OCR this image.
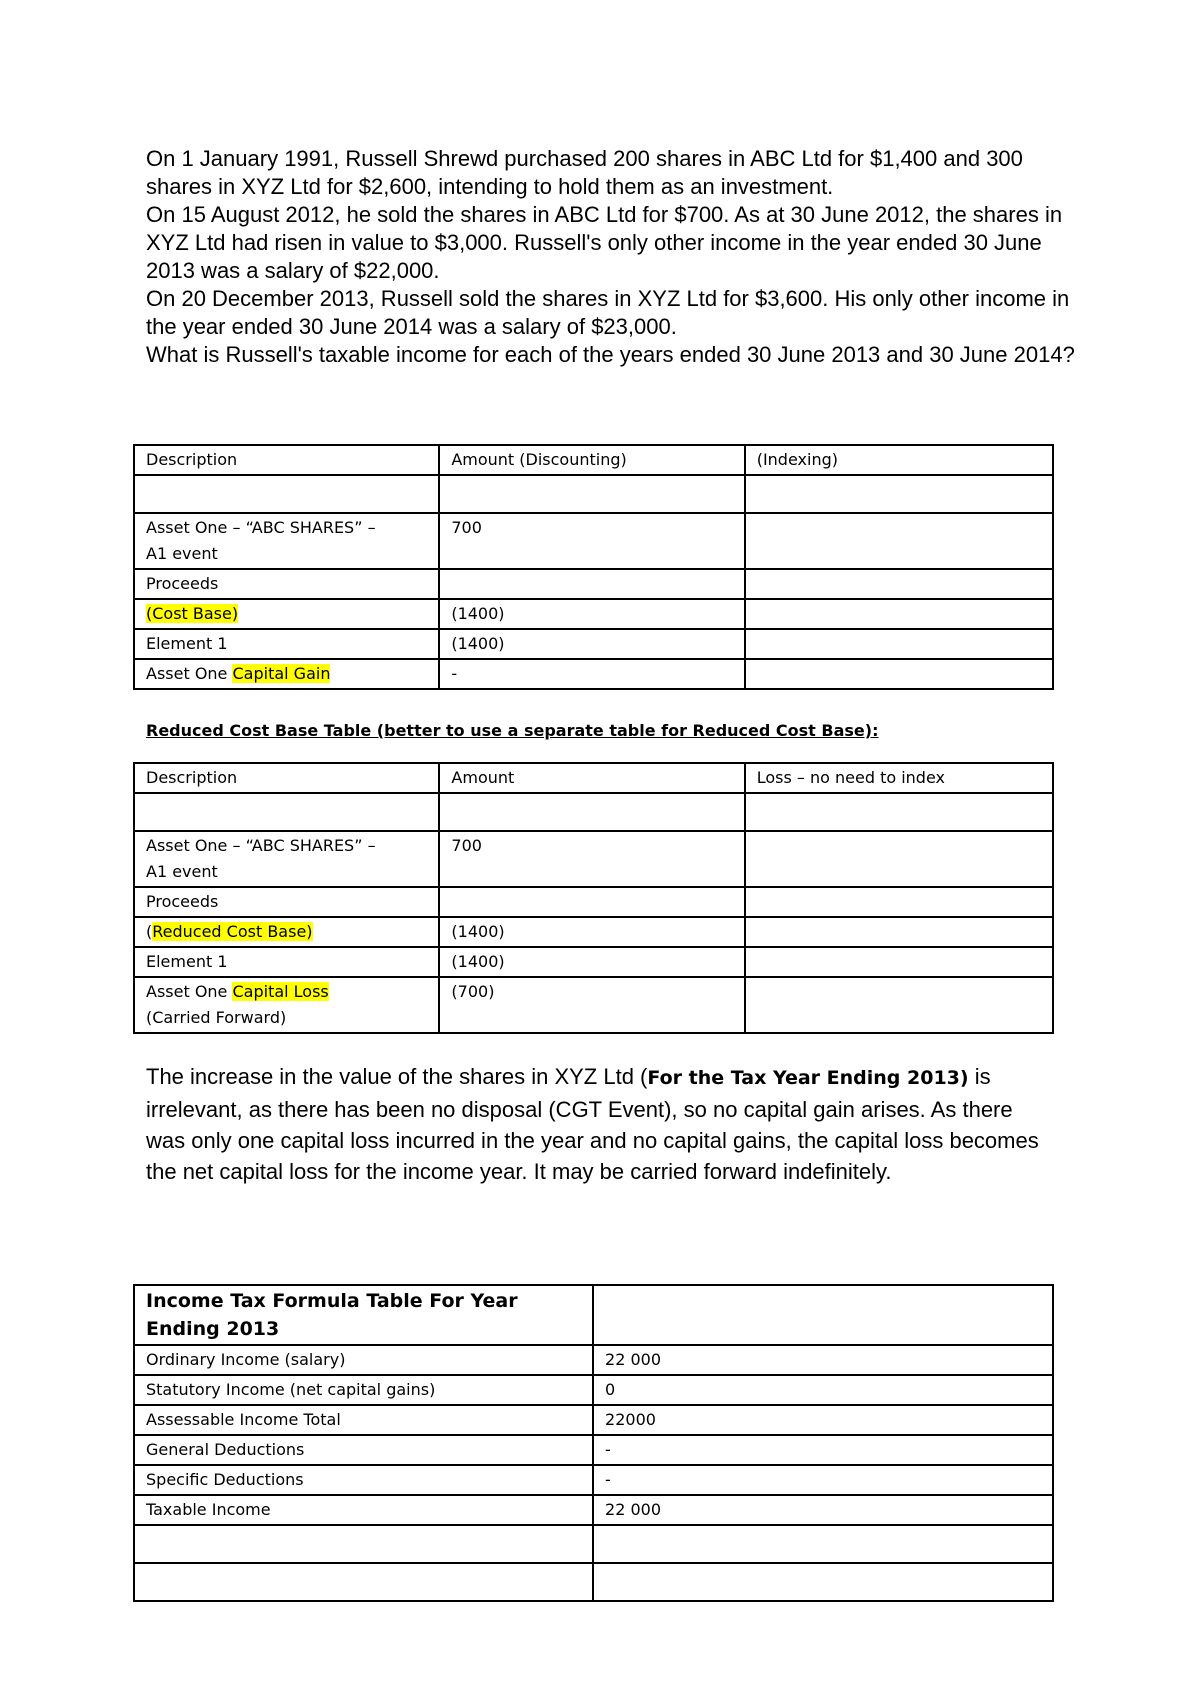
On 1 January 1991, Russell Shrewd purchased 200 shares in ABC Ltd for $1,400 and 300 shares in XYZ Ltd for $2,600, intending to hold them as an investment.

On 15 August 2012, he sold the shares in ABC Ltd for $700. As at 30 June 2012, the shares in XYZ Ltd had risen in value to $3,000. Russell's only other income in the year ended 30 June 2013 was a salary of $22,000.

On 20 December 2013, Russell sold the shares in XYZ Ltd for $3,600. His only other income in the year ended 30 June 2014 was a salary of $23,000.

What is Russell's taxable income for each of the years ended 30 June 2013 and 30 June 2014?

Description	Amount (Discounting)	(Indexing)

Asset One – “ABC SHARES” –
A1 event	700	
Proceeds		
(Cost Base)	(1400)	
Element 1	(1400)	
Asset One Capital Gain	-	

Reduced Cost Base Table (better to use a separate table for Reduced Cost Base):

Description	Amount	Loss – no need to index

Asset One – “ABC SHARES” –
A1 event	700	
Proceeds		
(Reduced Cost Base)	(1400)	
Element 1	(1400)	

Asset One Capital Loss
(Carried Forward)	(700)	

The increase in the value of the shares in XYZ Ltd (For the Tax Year Ending 2013) is irrelevant, as there has been no disposal (CGT Event), so no capital gain arises. As there was only one capital loss incurred in the year and no capital gains, the capital loss becomes the net capital loss for the income year. It may be carried forward indefinitely.

Income Tax Formula Table For Year Ending 2013	
Ordinary Income (salary)	22 000
Statutory Income (net capital gains)	0
Assessable Income Total	22000
General Deductions	-
Specific Deductions	-
Taxable Income	22 000
